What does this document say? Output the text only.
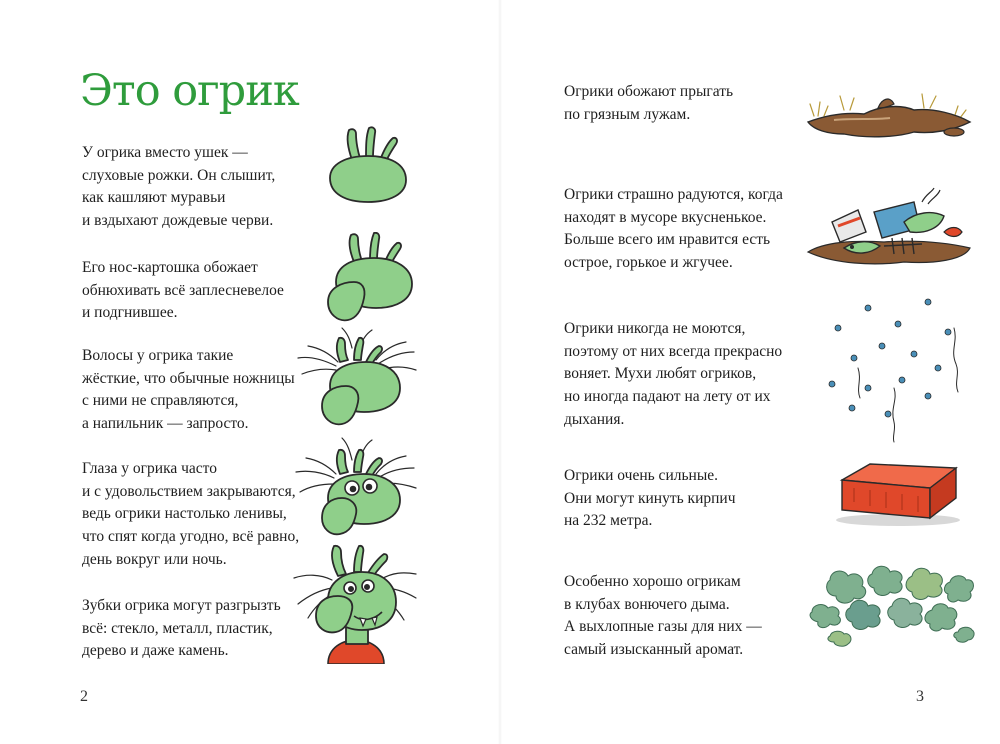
Это огрик

У огрика вместо ушек —
слуховые рожки. Он слышит,
как кашляют муравьи
и вздыхают дождевые черви.

Его нос-картошка обожает
обнюхивать всё заплесневелое
и подгнившее.

Волосы у огрика такие
жёсткие, что обычные ножницы
с ними не справляются,
а напильник — запросто.

Глаза у огрика часто
и с удовольствием закрываются,
ведь огрики настолько ленивы,
что спят когда угодно, всё равно,
день вокруг или ночь.

Зубки огрика могут разгрызть
всё: стекло, металл, пластик,
дерево и даже камень.

2

Огрики обожают прыгать
по грязным лужам.

Огрики страшно радуются, когда
находят в мусоре вкусненькое.
Больше всего им нравится есть
острое, горькое и жгучее.

Огрики никогда не моются,
поэтому от них всегда прекрасно
воняет. Мухи любят огриков,
но иногда падают на лету от их
дыхания.

Огрики очень сильные.
Они могут кинуть кирпич
на 232 метра.

Особенно хорошо огрикам
в клубах вонючего дыма.
А выхлопные газы для них —
самый изысканный аромат.

3
